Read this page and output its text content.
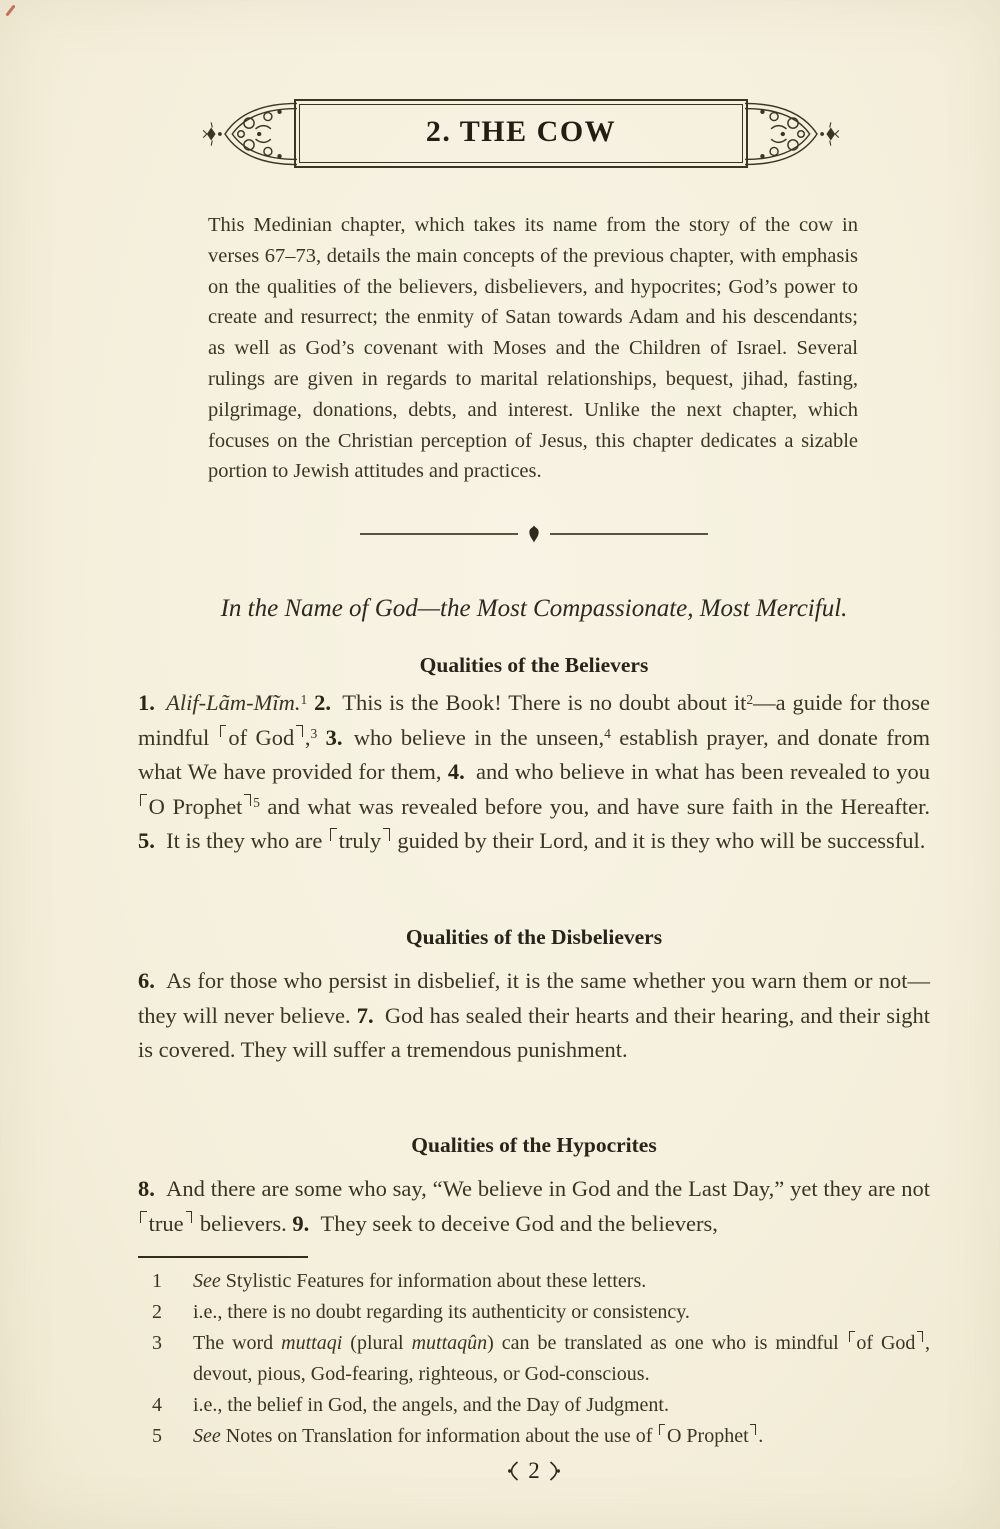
2. THE COW

This Medinian chapter, which takes its name from the story of the cow in verses 67–73, details the main concepts of the previous chapter, with emphasis on the qualities of the believers, disbelievers, and hypocrites; God’s power to create and resurrect; the enmity of Satan towards Adam and his descendants; as well as God’s covenant with Moses and the Children of Israel. Several rulings are given in regards to marital relationships, bequest, jihad, fasting, pilgrimage, donations, debts, and interest. Unlike the next chapter, which focuses on the Christian perception of Jesus, this chapter dedicates a sizable portion to Jewish attitudes and practices.

In the Name of God—the Most Compassionate, Most Merciful.

Qualities of the Believers

1. Alif-Lãm-Mĩm.$^1$ 2. This is the Book! There is no doubt about $it^2—a$ guide for those mindful of God ,$^3$ 3. who believe in the unseen,$^4$ establish prayer, and donate from what We have provided for them, 4. and who believe in what has been revealed to you O Prophet $^5$ and what was revealed before you, and have sure faith in the Hereafter. 5. It is they who are truly guided by their Lord, and it is they who will be successful.

Qualities of the Disbelievers

6. As for those who persist in disbelief, it is the same whether you warn them or not—they will never believe. 7. God has sealed their hearts and their hearing, and their sight is covered. They will suffer a tremendous punishment.

Qualities of the Hypocrites

8. And there are some who say, “We believe in God and the Last Day,” yet they are not true believers. 9. They seek to deceive God and the believers,

1	See Stylistic Features for information about these letters.
2	i.e., there is no doubt regarding its authenticity or consistency.
3	The word muttaqi (plural muttaqûn) can be translated as one who is mindful of God , devout, pious, God-fearing, righteous, or God-conscious.
4	i.e., the belief in God, the angels, and the Day of Judgment.
5	See Notes on Translation for information about the use of O Prophet .
2
